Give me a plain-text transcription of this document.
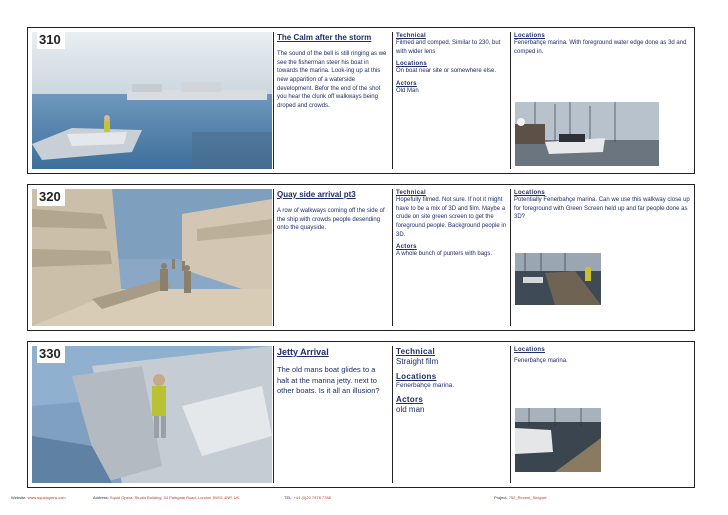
310	The Calm after the storm
The sound of the bell is still ringing as we see the fisherman steer his boat in towards the marina. Look-ing up at this new apparition of a waterside development. Befor the end of the shot you hear the clunk off walkways being droped and crowds.
Technical
Filmed and comped. Similar to 230, but with wider lens
Locations
On boat near site or somewhere else.
Actors
Old Man
Locations
Fenerbahçe marina. With foreground water edge done as 3d and comped in.
320	Quay side arrival pt3
A row of walkways coming off the side of the ship with crowds people desending onto the quayside.
Technical
Hopefully filmed. Not sure. If not it might have to be a mix of 3D and film. Maybe a crude on site green screen to get the foreground people. Background people in 3D.
Actors
A whole bunch of punters with bags.
Locations
Potentially Fenerbahçe marina. Can we use this walkway close up for foreground with Green Screen held up and far people done as 3D?
330	Jetty Arrival
The old mans boat glides to a halt at the marina jetty. next to other boats. Is it all an illusion?
Technical
Straight film
Locations
Fenerbahçe marina.
Actors
old man
Locations
Fenerbahçe marina.
Website: www.squidopera.com	Address: Squid Opera. Studio Building, 34 Parkgate Road, London SW11 4NP, UK	TEL: +44 (0)20 7978 7788	Project: 752_Recent_Seaport
